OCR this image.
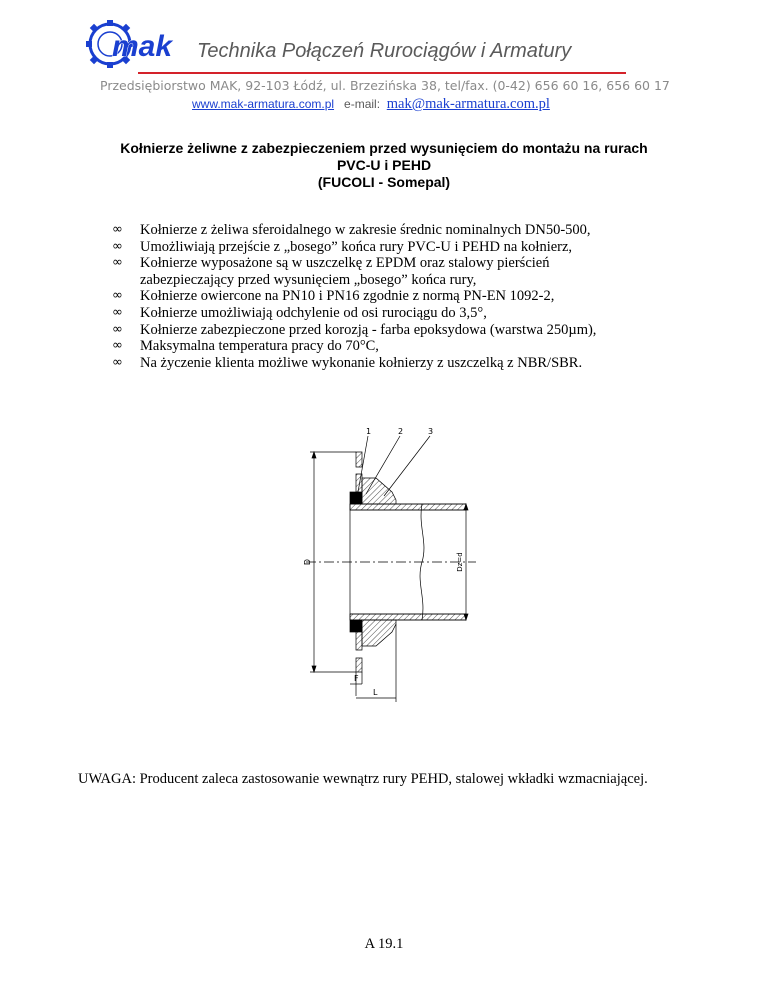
mak Technika Połączeń Rurociągów i Armatury
Przedsiębiorstwo MAK, 92-103 Łódź, ul. Brzezińska 38, tel/fax. (0-42) 656 60 16, 656 60 17
www.mak-armatura.com.pl e-mail: mak@mak-armatura.com.pl
Kołnierze żeliwne z zabezpieczeniem przed wysunięciem do montażu na rurach
PVC-U i PEHD
(FUCOLI - Somepal)
∞ Kołnierze z żeliwa sferoidalnego w zakresie średnic nominalnych DN50-500,
∞ Umożliwiają przejście z „bosego” końca rury PVC-U i PEHD na kołnierz,
∞ Kołnierze wyposażone są w uszczelkę z EPDM oraz stalowy pierścień
zabezpieczający przed wysunięciem „bosego” końca rury,
∞ Kołnierze owiercone na PN10 i PN16 zgodnie z normą PN-EN 1092-2,
∞ Kołnierze umożliwiają odchylenie od osi rurociągu do 3,5°,
∞ Kołnierze zabezpieczone przed korozją - farba epoksydowa (warstwa 250µm),
∞ Maksymalna temperatura pracy do 70°C,
∞ Na życzenie klienta możliwe wykonanie kołnierzy z uszczelką z NBR/SBR.
1	2	3
D	Dz=d
F
L
UWAGA: Producent zaleca zastosowanie wewnątrz rury PEHD, stalowej wkładki wzmacniającej.
A 19.1
